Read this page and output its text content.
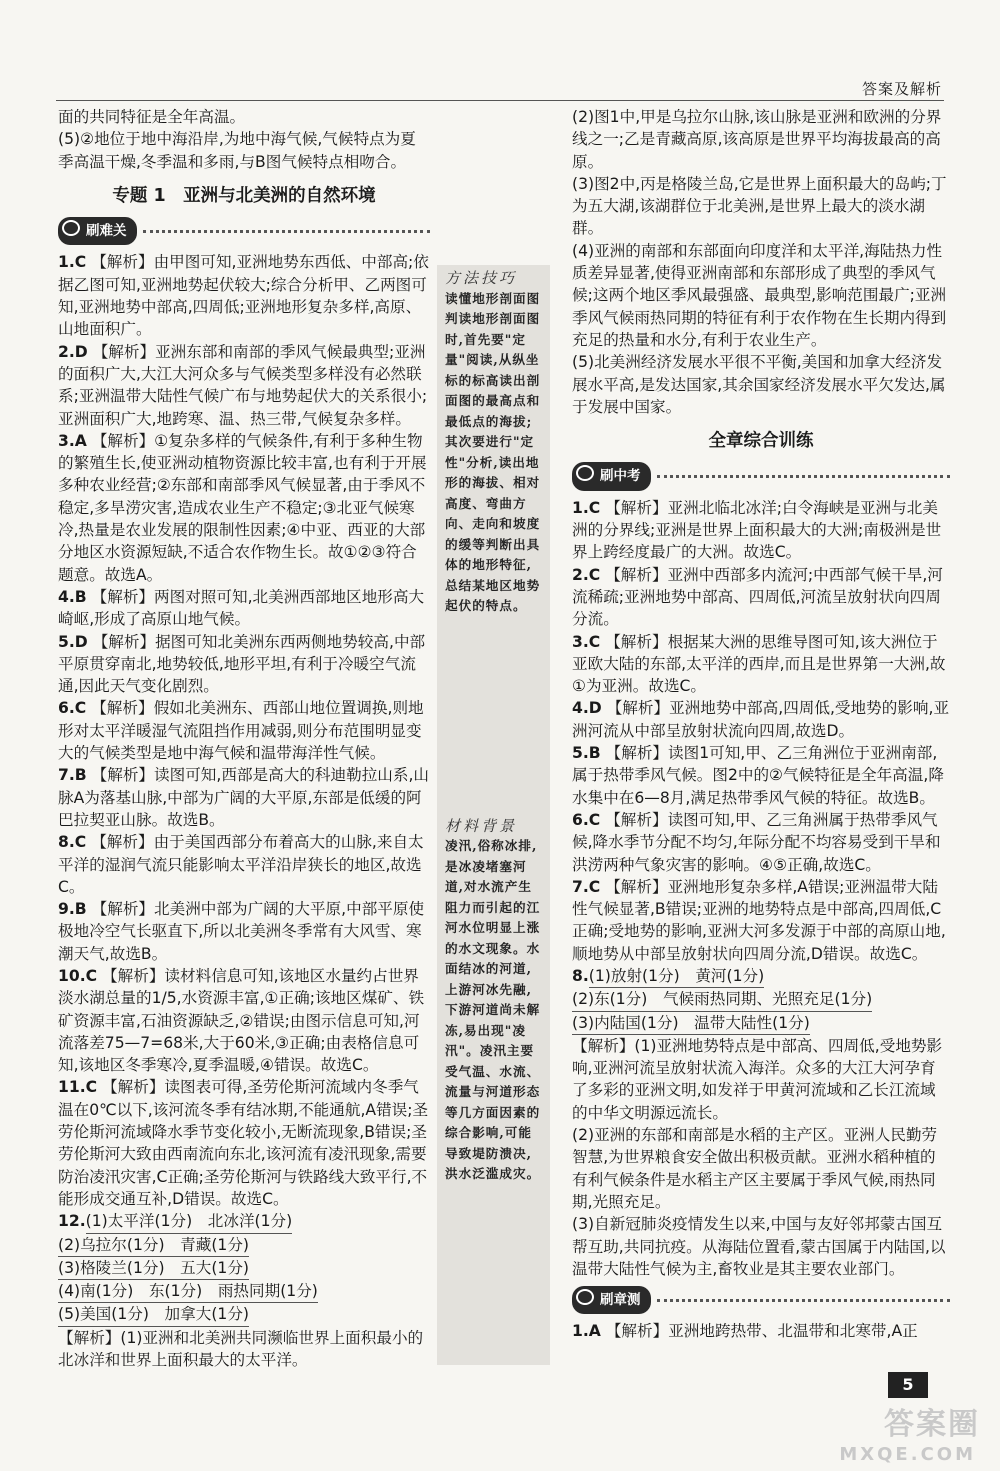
答案及解析

面的共同特征是全年高温。

(5)②地位于地中海沿岸,为地中海气候,气候特点为夏季高温干燥,冬季温和多雨,与B图气候特点相吻合。

专题 1　亚洲与北美洲的自然环境

刷难关

1.C 【解析】由甲图可知,亚洲地势东西低、中部高;依据乙图可知,亚洲地势起伏较大;综合分析甲、乙两图可知,亚洲地势中部高,四周低;亚洲地形复杂多样,高原、山地面积广。

2.D 【解析】亚洲东部和南部的季风气候最典型;亚洲的面积广大,大江大河众多与气候类型多样没有必然联系;亚洲温带大陆性气候广布与地势起伏大的关系很小;亚洲面积广大,地跨寒、温、热三带,气候复杂多样。

3.A 【解析】①复杂多样的气候条件,有利于多种生物的繁殖生长,使亚洲动植物资源比较丰富,也有利于开展多种农业经营;②东部和南部季风气候显著,由于季风不稳定,多旱涝灾害,造成农业生产不稳定;③北亚气候寒冷,热量是农业发展的限制性因素;④中亚、西亚的大部分地区水资源短缺,不适合农作物生长。故①②③符合题意。故选A。

4.B 【解析】两图对照可知,北美洲西部地区地形高大崎岖,形成了高原山地气候。

5.D 【解析】据图可知北美洲东西两侧地势较高,中部平原贯穿南北,地势较低,地形平坦,有利于冷暖空气流通,因此天气变化剧烈。

6.C 【解析】假如北美洲东、西部山地位置调换,则地形对太平洋暖湿气流阻挡作用减弱,则分布范围明显变大的气候类型是地中海气候和温带海洋性气候。

7.B 【解析】读图可知,西部是高大的科迪勒拉山系,山脉A为落基山脉,中部为广阔的大平原,东部是低缓的阿巴拉契亚山脉。故选B。

8.C 【解析】由于美国西部分布着高大的山脉,来自太平洋的湿润气流只能影响太平洋沿岸狭长的地区,故选C。

9.B 【解析】北美洲中部为广阔的大平原,中部平原使极地冷空气长驱直下,所以北美洲冬季常有大风雪、寒潮天气,故选B。

10.C 【解析】读材料信息可知,该地区水量约占世界淡水湖总量的1/5,水资源丰富,①正确;该地区煤矿、铁矿资源丰富,石油资源缺乏,②错误;由图示信息可知,河流落差75—7=68米,大于60米,③正确;由表格信息可知,该地区冬季寒冷,夏季温暖,④错误。故选C。

11.C 【解析】读图表可得,圣劳伦斯河流域内冬季气温在0℃以下,该河流冬季有结冰期,不能通航,A错误;圣劳伦斯河流域降水季节变化较小,无断流现象,B错误;圣劳伦斯河大致由西南流向东北,该河流有凌汛现象,需要防治凌汛灾害,C正确;圣劳伦斯河与铁路线大致平行,不能形成交通互补,D错误。故选C。

12.(1)太平洋(1分)　北冰洋(1分)

(2)乌拉尔(1分)　青藏(1分)

(3)格陵兰(1分)　五大(1分)

(4)南(1分)　东(1分)　雨热同期(1分)

(5)美国(1分)　加拿大(1分)

【解析】(1)亚洲和北美洲共同濒临世界上面积最小的北冰洋和世界上面积最大的太平洋。

方法技巧
读懂地形剖面图
判读地形剖面图时,首先要"定量"阅读,从纵坐标的标高读出剖面图的最高点和最低点的海拔;其次要进行"定性"分析,读出地形的海拔、相对高度、弯曲方向、走向和坡度的缓等判断出具体的地形特征,总结某地区地势起伏的特点。
材料背景
凌汛,俗称冰排,是冰凌堵塞河道,对水流产生阻力而引起的江河水位明显上涨的水文现象。水面结冰的河道,上游河冰先融,下游河道尚未解冻,易出现"凌汛"。凌汛主要受气温、水流、流量与河道形态等几方面因素的综合影响,可能导致堤防溃决,洪水泛滥成灾。

(2)图1中,甲是乌拉尔山脉,该山脉是亚洲和欧洲的分界线之一;乙是青藏高原,该高原是世界平均海拔最高的高原。

(3)图2中,丙是格陵兰岛,它是世界上面积最大的岛屿;丁为五大湖,该湖群位于北美洲,是世界上最大的淡水湖群。

(4)亚洲的南部和东部面向印度洋和太平洋,海陆热力性质差异显著,使得亚洲南部和东部形成了典型的季风气候;这两个地区季风最强盛、最典型,影响范围最广;亚洲季风气候雨热同期的特征有利于农作物在生长期内得到充足的热量和水分,有利于农业生产。

(5)北美洲经济发展水平很不平衡,美国和加拿大经济发展水平高,是发达国家,其余国家经济发展水平欠发达,属于发展中国家。

全章综合训练

刷中考

1.C 【解析】亚洲北临北冰洋;白令海峡是亚洲与北美洲的分界线;亚洲是世界上面积最大的大洲;南极洲是世界上跨经度最广的大洲。故选C。

2.C 【解析】亚洲中西部多内流河;中西部气候干旱,河流稀疏;亚洲地势中部高、四周低,河流呈放射状向四周分流。

3.C 【解析】根据某大洲的思维导图可知,该大洲位于亚欧大陆的东部,太平洋的西岸,而且是世界第一大洲,故①为亚洲。故选C。

4.D 【解析】亚洲地势中部高,四周低,受地势的影响,亚洲河流从中部呈放射状流向四周,故选D。

5.B 【解析】读图1可知,甲、乙三角洲位于亚洲南部,属于热带季风气候。图2中的②气候特征是全年高温,降水集中在6—8月,满足热带季风气候的特征。故选B。

6.C 【解析】读图可知,甲、乙三角洲属于热带季风气候,降水季节分配不均匀,年际分配不均容易受到干旱和洪涝两种气象灾害的影响。④⑤正确,故选C。

7.C 【解析】亚洲地形复杂多样,A错误;亚洲温带大陆性气候显著,B错误;亚洲的地势特点是中部高,四周低,C正确;受地势的影响,亚洲大河多发源于中部的高原山地,顺地势从中部呈放射状向四周分流,D错误。故选C。

8.(1)放射(1分)　黄河(1分)

(2)东(1分)　气候雨热同期、光照充足(1分)

(3)内陆国(1分)　温带大陆性(1分)

【解析】(1)亚洲地势特点是中部高、四周低,受地势影响,亚洲河流呈放射状流入海洋。众多的大江大河孕育了多彩的亚洲文明,如发祥于甲黄河流域和乙长江流域的中华文明源远流长。

(2)亚洲的东部和南部是水稻的主产区。亚洲人民勤劳智慧,为世界粮食安全做出积极贡献。亚洲水稻种植的有利气候条件是水稻主产区主要属于季风气候,雨热同期,光照充足。

(3)自新冠肺炎疫情发生以来,中国与友好邻邦蒙古国互帮互助,共同抗疫。从海陆位置看,蒙古国属于内陆国,以温带大陆性气候为主,畜牧业是其主要农业部门。

刷章测

1.A 【解析】亚洲地跨热带、北温带和北寒带,A正

5
答案圈
MXQE.COM
